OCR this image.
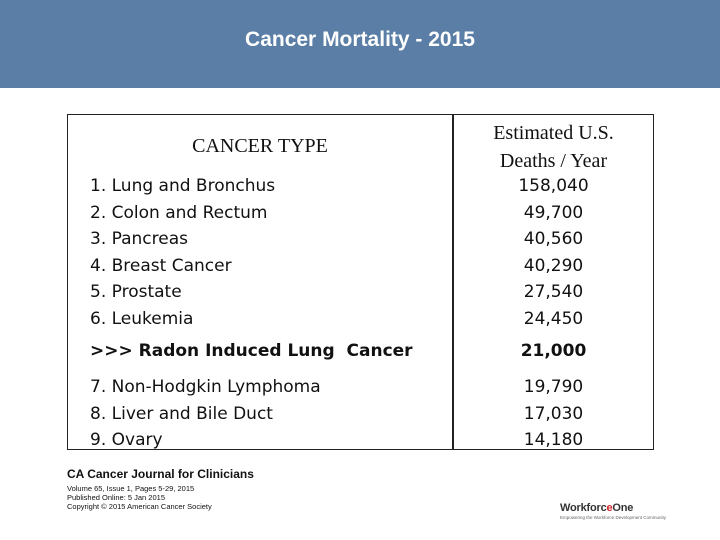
Cancer Mortality - 2015
CANCER TYPE
Estimated U.S.
Deaths / Year
1. Lung and Bronchus
2. Colon and Rectum
3. Pancreas
4. Breast Cancer
5. Prostate
6. Leukemia
158,040
49,700
40,560
40,290
27,540
24,450
>>> Radon Induced Lung  Cancer	21,000
7. Non-Hodgkin Lymphoma
8. Liver and Bile Duct
9. Ovary
19,790
17,030
14,180
CA Cancer Journal for Clinicians
Volume 65, Issue 1, Pages 5-29, 2015
Published Online: 5 Jan 2015
Copyright © 2015 American Cancer Society	WorkforceOne
Empowering the Workforce Development Community
